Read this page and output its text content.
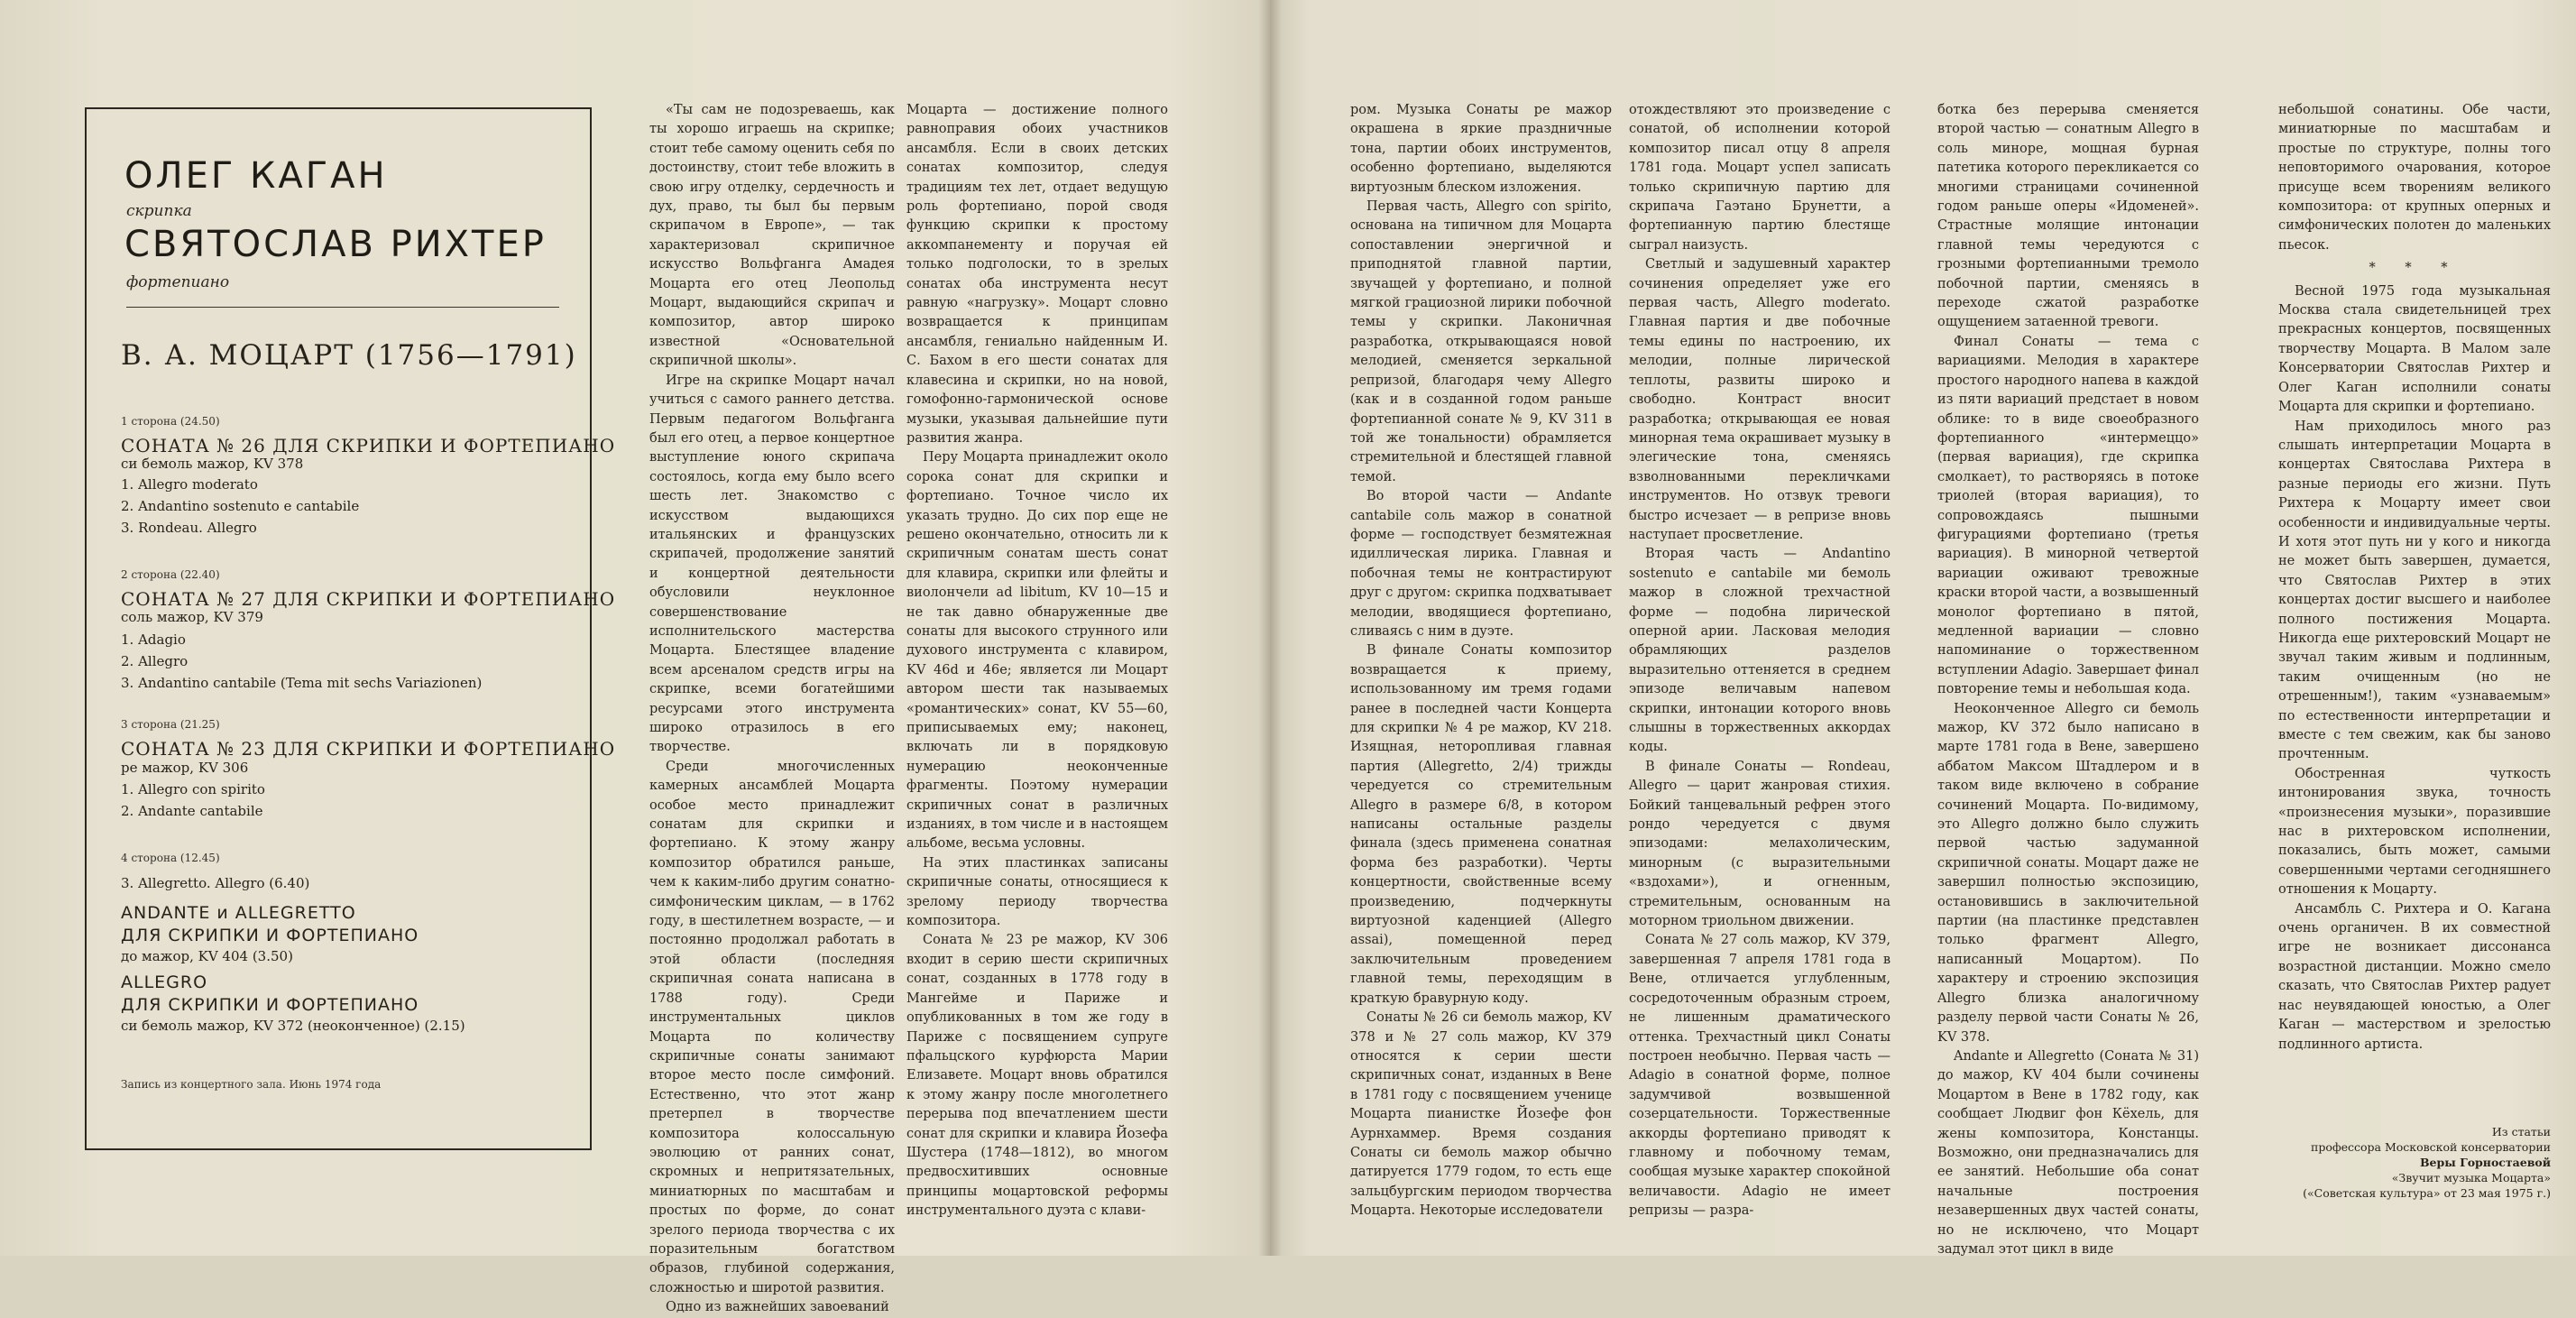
ОЛЕГ КАГАН
скрипка
СВЯТОСЛАВ РИХТЕР
фортепиано
В. А. МОЦАРТ (1756—1791)
1 сторона (24.50)
СОНАТА № 26 ДЛЯ СКРИПКИ И ФОРТЕПИАНО
си бемоль мажор, KV 378
1. Allegro moderato
2. Andantino sostenuto e cantabile
3. Rondeau. Allegro
2 сторона (22.40)
СОНАТА № 27 ДЛЯ СКРИПКИ И ФОРТЕПИАНО
соль мажор, KV 379
1. Adagio
2. Allegro
3. Andantino cantabile (Tema mit sechs Variazionen)
3 сторона (21.25)
СОНАТА № 23 ДЛЯ СКРИПКИ И ФОРТЕПИАНО
ре мажор, KV 306
1. Allegro con spirito
2. Andante cantabile
4 сторона (12.45)
3. Allegretto. Allegro (6.40)
ANDANTE и ALLEGRETTO
ДЛЯ СКРИПКИ И ФОРТЕПИАНО
до мажор, KV 404 (3.50)
ALLEGRO
ДЛЯ СКРИПКИ И ФОРТЕПИАНО
си бемоль мажор, KV 372 (неоконченное) (2.15)
Запись из концертного зала. Июнь 1974 года

«Ты сам не подозреваешь, как ты хорошо играешь на скрипке; стоит тебе самому оценить себя по достоинству, стоит тебе вложить в свою игру отделку, сердечность и дух, право, ты был бы первым скрипачом в Европе», — так характеризовал скрипичное искусство Вольфганга Амадея Моцарта его отец Леопольд Моцарт, выдающийся скрипач и композитор, автор широко известной «Основательной скрипичной школы».

Игре на скрипке Моцарт начал учиться с самого раннего детства. Первым педагогом Вольфганга был его отец, а первое концертное выступление юного скрипача состоялось, когда ему было всего шесть лет. Знакомство с искусством выдающихся итальянских и французских скрипачей, продолжение занятий и концертной деятельности обусловили неуклонное совершенствование исполнительского мастерства Моцарта. Блестящее владение всем арсеналом средств игры на скрипке, всеми богатейшими ресурсами этого инструмента широко отразилось в его творчестве.

Среди многочисленных камерных ансамблей Моцарта особое место принадлежит сонатам для скрипки и фортепиано. К этому жанру композитор обратился раньше, чем к каким-либо другим сонатно-симфоническим циклам, — в 1762 году, в шестилетнем возрасте, — и постоянно продолжал работать в этой области (последняя скрипичная соната написана в 1788 году). Среди инструментальных циклов Моцарта по количеству скрипичные сонаты занимают второе место после симфоний. Естественно, что этот жанр претерпел в творчестве композитора колоссальную эволюцию от ранних сонат, скромных и непритязательных, миниатюрных по масштабам и простых по форме, до сонат зрелого периода творчества с их поразительным богатством образов, глубиной содержания, сложностью и широтой развития.

Одно из важнейших завоеваний

Моцарта — достижение полного равноправия обоих участников ансамбля. Если в своих детских сонатах композитор, следуя традициям тех лет, отдает ведущую роль фортепиано, порой сводя функцию скрипки к простому аккомпанементу и поручая ей только подголоски, то в зрелых сонатах оба инструмента несут равную «нагрузку». Моцарт словно возвращается к принципам ансамбля, гениально найденным И. С. Бахом в его шести сонатах для клавесина и скрипки, но на новой, гомофонно-гармонической основе музыки, указывая дальнейшие пути развития жанра.

Перу Моцарта принадлежит около сорока сонат для скрипки и фортепиано. Точное число их указать трудно. До сих пор еще не решено окончательно, относить ли к скрипичным сонатам шесть сонат для клавира, скрипки или флейты и виолончели ad libitum, KV 10—15 и не так давно обнаруженные две сонаты для высокого струнного или духового инструмента с клавиром, KV 46d и 46e; является ли Моцарт автором шести так называемых «романтических» сонат, KV 55—60, приписываемых ему; наконец, включать ли в порядковую нумерацию неоконченные фрагменты. Поэтому нумерации скрипичных сонат в различных изданиях, в том числе и в настоящем альбоме, весьма условны.

На этих пластинках записаны скрипичные сонаты, относящиеся к зрелому периоду творчества композитора.

Соната № 23 ре мажор, KV 306 входит в серию шести скрипичных сонат, созданных в 1778 году в Мангейме и Париже и опубликованных в том же году в Париже с посвящением супруге пфальцского курфюрста Марии Елизавете. Моцарт вновь обратился к этому жанру после многолетнего перерыва под впечатлением шести сонат для скрипки и клавира Йозефа Шустера (1748—1812), во многом предвосхитивших основные принципы моцартовской реформы инструментального дуэта с клави-

ром. Музыка Сонаты ре мажор окрашена в яркие праздничные тона, партии обоих инструментов, особенно фортепиано, выделяются виртуозным блеском изложения.

Первая часть, Allegro con spirito, основана на типичном для Моцарта сопоставлении энергичной и приподнятой главной партии, звучащей у фортепиано, и полной мягкой грациозной лирики побочной темы у скрипки. Лаконичная разработка, открывающаяся новой мелодией, сменяется зеркальной репризой, благодаря чему Allegro (как и в созданной годом раньше фортепианной сонате № 9, KV 311 в той же тональности) обрамляется стремительной и блестящей главной темой.

Во второй части — Andante cantabile соль мажор в сонатной форме — господствует безмятежная идиллическая лирика. Главная и побочная темы не контрастируют друг с другом: скрипка подхватывает мелодии, вводящиеся фортепиано, сливаясь с ним в дуэте.

В финале Сонаты композитор возвращается к приему, использованному им тремя годами ранее в последней части Концерта для скрипки № 4 ре мажор, KV 218. Изящная, неторопливая главная партия (Allegretto, 2/4) трижды чередуется со стремительным Allegro в размере 6/8, в котором написаны остальные разделы финала (здесь применена сонатная форма без разработки). Черты концертности, свойственные всему произведению, подчеркнуты виртуозной каденцией (Allegro assai), помещенной перед заключительным проведением главной темы, переходящим в краткую бравурную коду.

Сонаты № 26 си бемоль мажор, KV 378 и № 27 соль мажор, KV 379 относятся к серии шести скрипичных сонат, изданных в Вене в 1781 году с посвящением ученице Моцарта пианистке Йозефе фон Аурнхаммер. Время создания Сонаты си бемоль мажор обычно датируется 1779 годом, то есть еще зальцбургским периодом творчества Моцарта. Некоторые исследователи

отождествляют это произведение с сонатой, об исполнении которой композитор писал отцу 8 апреля 1781 года. Моцарт успел записать только скрипичную партию для скрипача Гаэтано Брунетти, а фортепианную партию блестяще сыграл наизусть.

Светлый и задушевный характер сочинения определяет уже его первая часть, Allegro moderato. Главная партия и две побочные темы едины по настроению, их мелодии, полные лирической теплоты, развиты широко и свободно. Контраст вносит разработка; открывающая ее новая минорная тема окрашивает музыку в элегические тона, сменяясь взволнованными перекличками инструментов. Но отзвук тревоги быстро исчезает — в репризе вновь наступает просветление.

Вторая часть — Andantino sostenuto e cantabile ми бемоль мажор в сложной трехчастной форме — подобна лирической оперной арии. Ласковая мелодия обрамляющих разделов выразительно оттеняется в среднем эпизоде величавым напевом скрипки, интонации которого вновь слышны в торжественных аккордах коды.

В финале Сонаты — Rondeau, Allegro — царит жанровая стихия. Бойкий танцевальный рефрен этого рондо чередуется с двумя эпизодами: мелахолическим, минорным (с выразительными «вздохами»), и огненным, стремительным, основанным на моторном триольном движении.

Соната № 27 соль мажор, KV 379, завершенная 7 апреля 1781 года в Вене, отличается углубленным, сосредоточенным образным строем, не лишенным драматического оттенка. Трехчастный цикл Сонаты построен необычно. Первая часть — Adagio в сонатной форме, полное задумчивой возвышенной созерцательности. Торжественные аккорды фортепиано приводят к главному и побочному темам, сообщая музыке характер спокойной величавости. Adagio не имеет репризы — разра-

ботка без перерыва сменяется второй частью — сонатным Allegro в соль миноре, мощная бурная патетика которого перекликается со многими страницами сочиненной годом раньше оперы «Идоменей». Страстные молящие интонации главной темы чередуются с грозными фортепианными тремоло побочной партии, сменяясь в переходе сжатой разработке ощущением затаенной тревоги.

Финал Сонаты — тема с вариациями. Мелодия в характере простого народного напева в каждой из пяти вариаций предстает в новом облике: то в виде своеобразного фортепианного «интермеццо» (первая вариация), где скрипка смолкает), то растворяясь в потоке триолей (вторая вариация), то сопровождаясь пышными фигурациями фортепиано (третья вариация). В минорной четвертой вариации оживают тревожные краски второй части, а возвышенный монолог фортепиано в пятой, медленной вариации — словно напоминание о торжественном вступлении Adagio. Завершает финал повторение темы и небольшая кода.

Неоконченное Allegro си бемоль мажор, KV 372 было написано в марте 1781 года в Вене, завершено аббатом Максом Штадлером и в таком виде включено в собрание сочинений Моцарта. По-видимому, это Allegro должно было служить первой частью задуманной скрипичной сонаты. Моцарт даже не завершил полностью экспозицию, остановившись в заключительной партии (на пластинке представлен только фрагмент Allegro, написанный Моцартом). По характеру и строению экспозиция Allegro близка аналогичному разделу первой части Сонаты № 26, KV 378.

Andante и Allegretto (Соната № 31) до мажор, KV 404 были сочинены Моцартом в Вене в 1782 году, как сообщает Людвиг фон Кёхель, для жены композитора, Констанцы. Возможно, они предназначались для ее занятий. Небольшие оба сонат начальные построения незавершенных двух частей сонаты, но не исключено, что Моцарт задумал этот цикл в виде

небольшой сонатины. Обе части, миниатюрные по масштабам и простые по структуре, полны того неповторимого очарования, которое присуще всем творениям великого композитора: от крупных оперных и симфонических полотен до маленьких пьесок.

* * *

Весной 1975 года музыкальная Москва стала свидетельницей трех прекрасных концертов, посвященных творчеству Моцарта. В Малом зале Консерватории Святослав Рихтер и Олег Каган исполнили сонаты Моцарта для скрипки и фортепиано.

Нам приходилось много раз слышать интерпретации Моцарта в концертах Святослава Рихтера в разные периоды его жизни. Путь Рихтера к Моцарту имеет свои особенности и индивидуальные черты. И хотя этот путь ни у кого и никогда не может быть завершен, думается, что Святослав Рихтер в этих концертах достиг высшего и наиболее полного постижения Моцарта. Никогда еще рихтеровский Моцарт не звучал таким живым и подлинным, таким очищенным (но не отрешенным!), таким «узнаваемым» по естественности интерпретации и вместе с тем свежим, как бы заново прочтенным.

Обостренная чуткость интонирования звука, точность «произнесения музыки», поразившие нас в рихтеровском исполнении, показались, быть может, самыми совершенными чертами сегодняшнего отношения к Моцарту.

Ансамбль С. Рихтера и О. Кагана очень органичен. В их совместной игре не возникает диссонанса возрастной дистанции. Можно смело сказать, что Святослав Рихтер радует нас неувядающей юностью, а Олег Каган — мастерством и зрелостью подлинного артиста.

Из статьи
профессора Московской консерватории
Веры Горностаевой
«Звучит музыка Моцарта»
(«Советская культура» от 23 мая 1975 г.)
